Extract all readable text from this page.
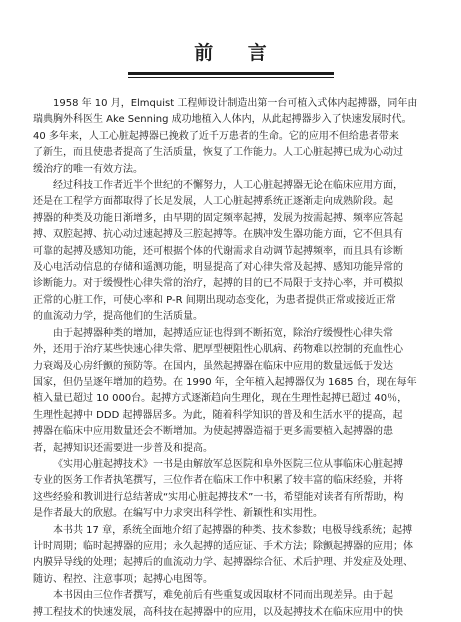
前 言

1958 年 10 月，Elmquist 工程师设计制造出第一台可植入式体内起搏器，同年由

瑞典胸外科医生 Ake Senning 成功地植入人体内，从此起搏器步入了快速发展时代。

40 多年来，人工心脏起搏器已挽救了近千万患者的生命。它的应用不但给患者带来

了新生，而且使患者提高了生活质量，恢复了工作能力。人工心脏起搏已成为心动过

缓治疗的唯一有效方法。

经过科技工作者近半个世纪的不懈努力，人工心脏起搏器无论在临床应用方面，

还是在工程学方面都取得了长足发展，人工心脏起搏系统正逐渐走向成熟阶段。起

搏器的种类及功能日渐增多，由早期的固定频率起搏，发展为按需起搏、频率应答起

搏、双腔起搏、抗心动过速起搏及三腔起搏等。在胰冲发生器功能方面，它不但具有

可靠的起搏及感知功能，还可根据个体的代谢需求自动调节起搏频率，而且具有诊断

及心电活动信息的存储和遥测功能，明显提高了对心律失常及起搏、感知功能异常的

诊断能力。对于缓慢性心律失常的治疗，起搏的目的已不局限于支持心率，并可模拟

正常的心脏工作，可使心率和 P-R 间期出现动态变化，为患者提供正常或接近正常

的血流动力学，提高他们的生活质量。

由于起搏器种类的增加，起搏适应证也得到不断拓宽，除治疗缓慢性心律失常

外，还用于治疗某些快速心律失常、肥厚型梗阻性心肌病、药物难以控制的充血性心

力衰竭及心房纤颤的预防等。在国内，虽然起搏器在临床中应用的数量远低于发达

国家，但仍呈逐年增加的趋势。在 1990 年，全年植入起搏器仅为 1685 台，现在每年

植入量已超过 10 000台。起搏方式逐渐趋向生理化，现在生理性起搏已超过 40％，

生理性起搏中 DDD 起搏器居多。为此，随着科学知识的普及和生活水平的提高，起

搏器在临床中应用数量还会不断增加。为使起搏器造福于更多需要植入起搏器的患

者，起搏知识还需要进一步普及和提高。

《实用心脏起搏技术》一书是由解放军总医院和阜外医院三位从事临床心脏起搏

专业的医务工作者执笔撰写，三位作者在临床工作中积累了较丰富的临床经验，并将

这些经验和教训进行总结著成“实用心脏起搏技术”一书，希望能对读者有所帮助，构

是作者最大的欣慰。在编写中力求突出科学性、新颖性和实用性。

本书共 17 章，系统全面地介绍了起搏器的种类、技术参数；电极导线系统；起搏

计时周期；临时起搏器的应用；永久起搏的适应证、手术方法；除颤起搏器的应用；体

内膜异导线的处理；起搏后的血流动力学、起搏器综合征、术后护理、并发症及处理、

随访、程控、注意事项；起搏心电图等。

本书因由三位作者撰写，难免前后有些重复或因取材不同而出现差异。由于起

搏工程技术的快速发展，高科技在起搏器中的应用，以及起搏技术在临床应用中的快
